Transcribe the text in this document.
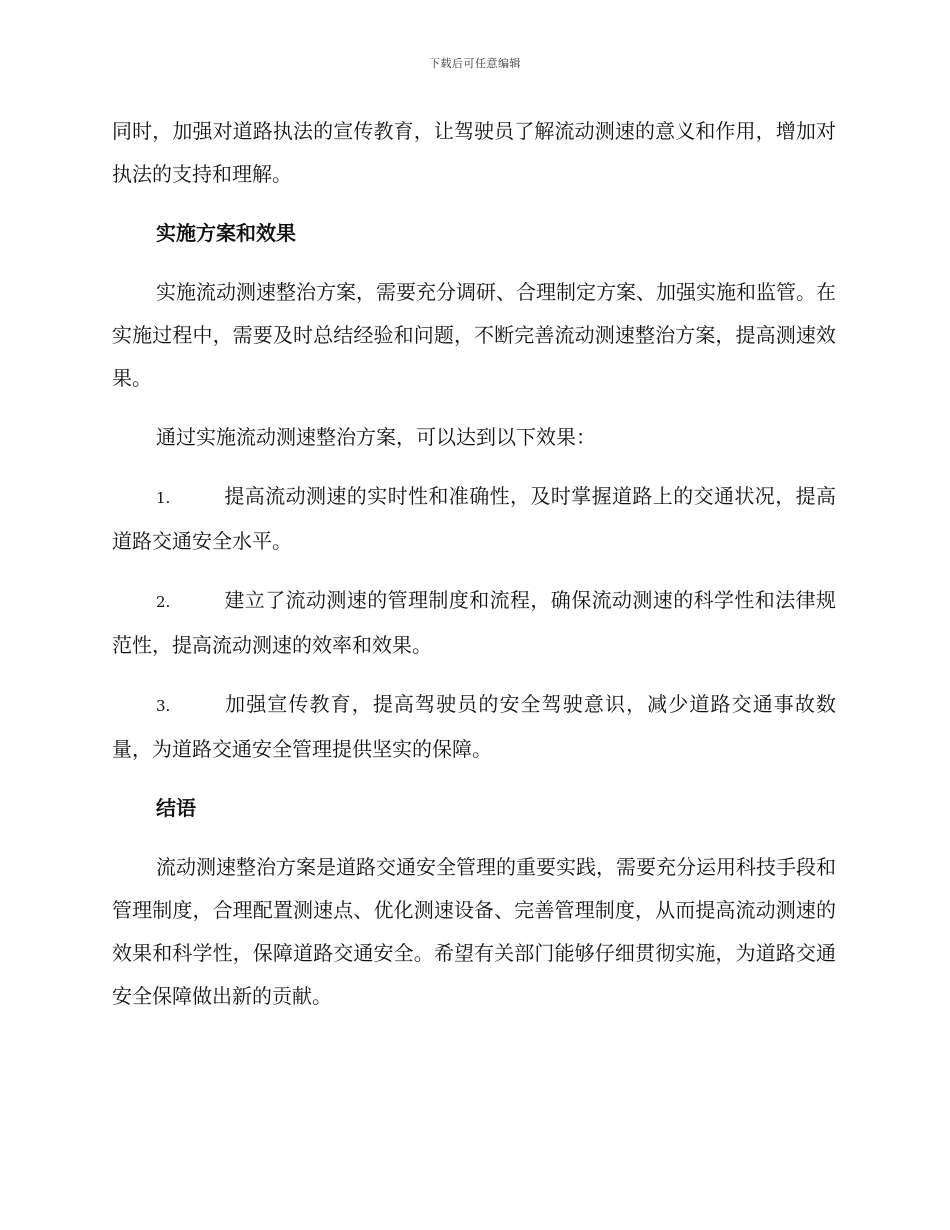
下载后可任意编辑

同时，加强对道路执法的宣传教育，让驾驶员了解流动测速的意义和作用，增加对执法的支持和理解。

实施方案和效果

实施流动测速整治方案，需要充分调研、合理制定方案、加强实施和监管。在实施过程中，需要及时总结经验和问题，不断完善流动测速整治方案，提高测速效果。

通过实施流动测速整治方案，可以达到以下效果：

1.	提高流动测速的实时性和准确性，及时掌握道路上的交通状况，提高道路交通安全水平。

2.	建立了流动测速的管理制度和流程，确保流动测速的科学性和法律规范性，提高流动测速的效率和效果。

3.	加强宣传教育，提高驾驶员的安全驾驶意识，减少道路交通事故数量，为道路交通安全管理提供坚实的保障。

结语

流动测速整治方案是道路交通安全管理的重要实践，需要充分运用科技手段和管理制度，合理配置测速点、优化测速设备、完善管理制度，从而提高流动测速的效果和科学性，保障道路交通安全。希望有关部门能够仔细贯彻实施，为道路交通安全保障做出新的贡献。
